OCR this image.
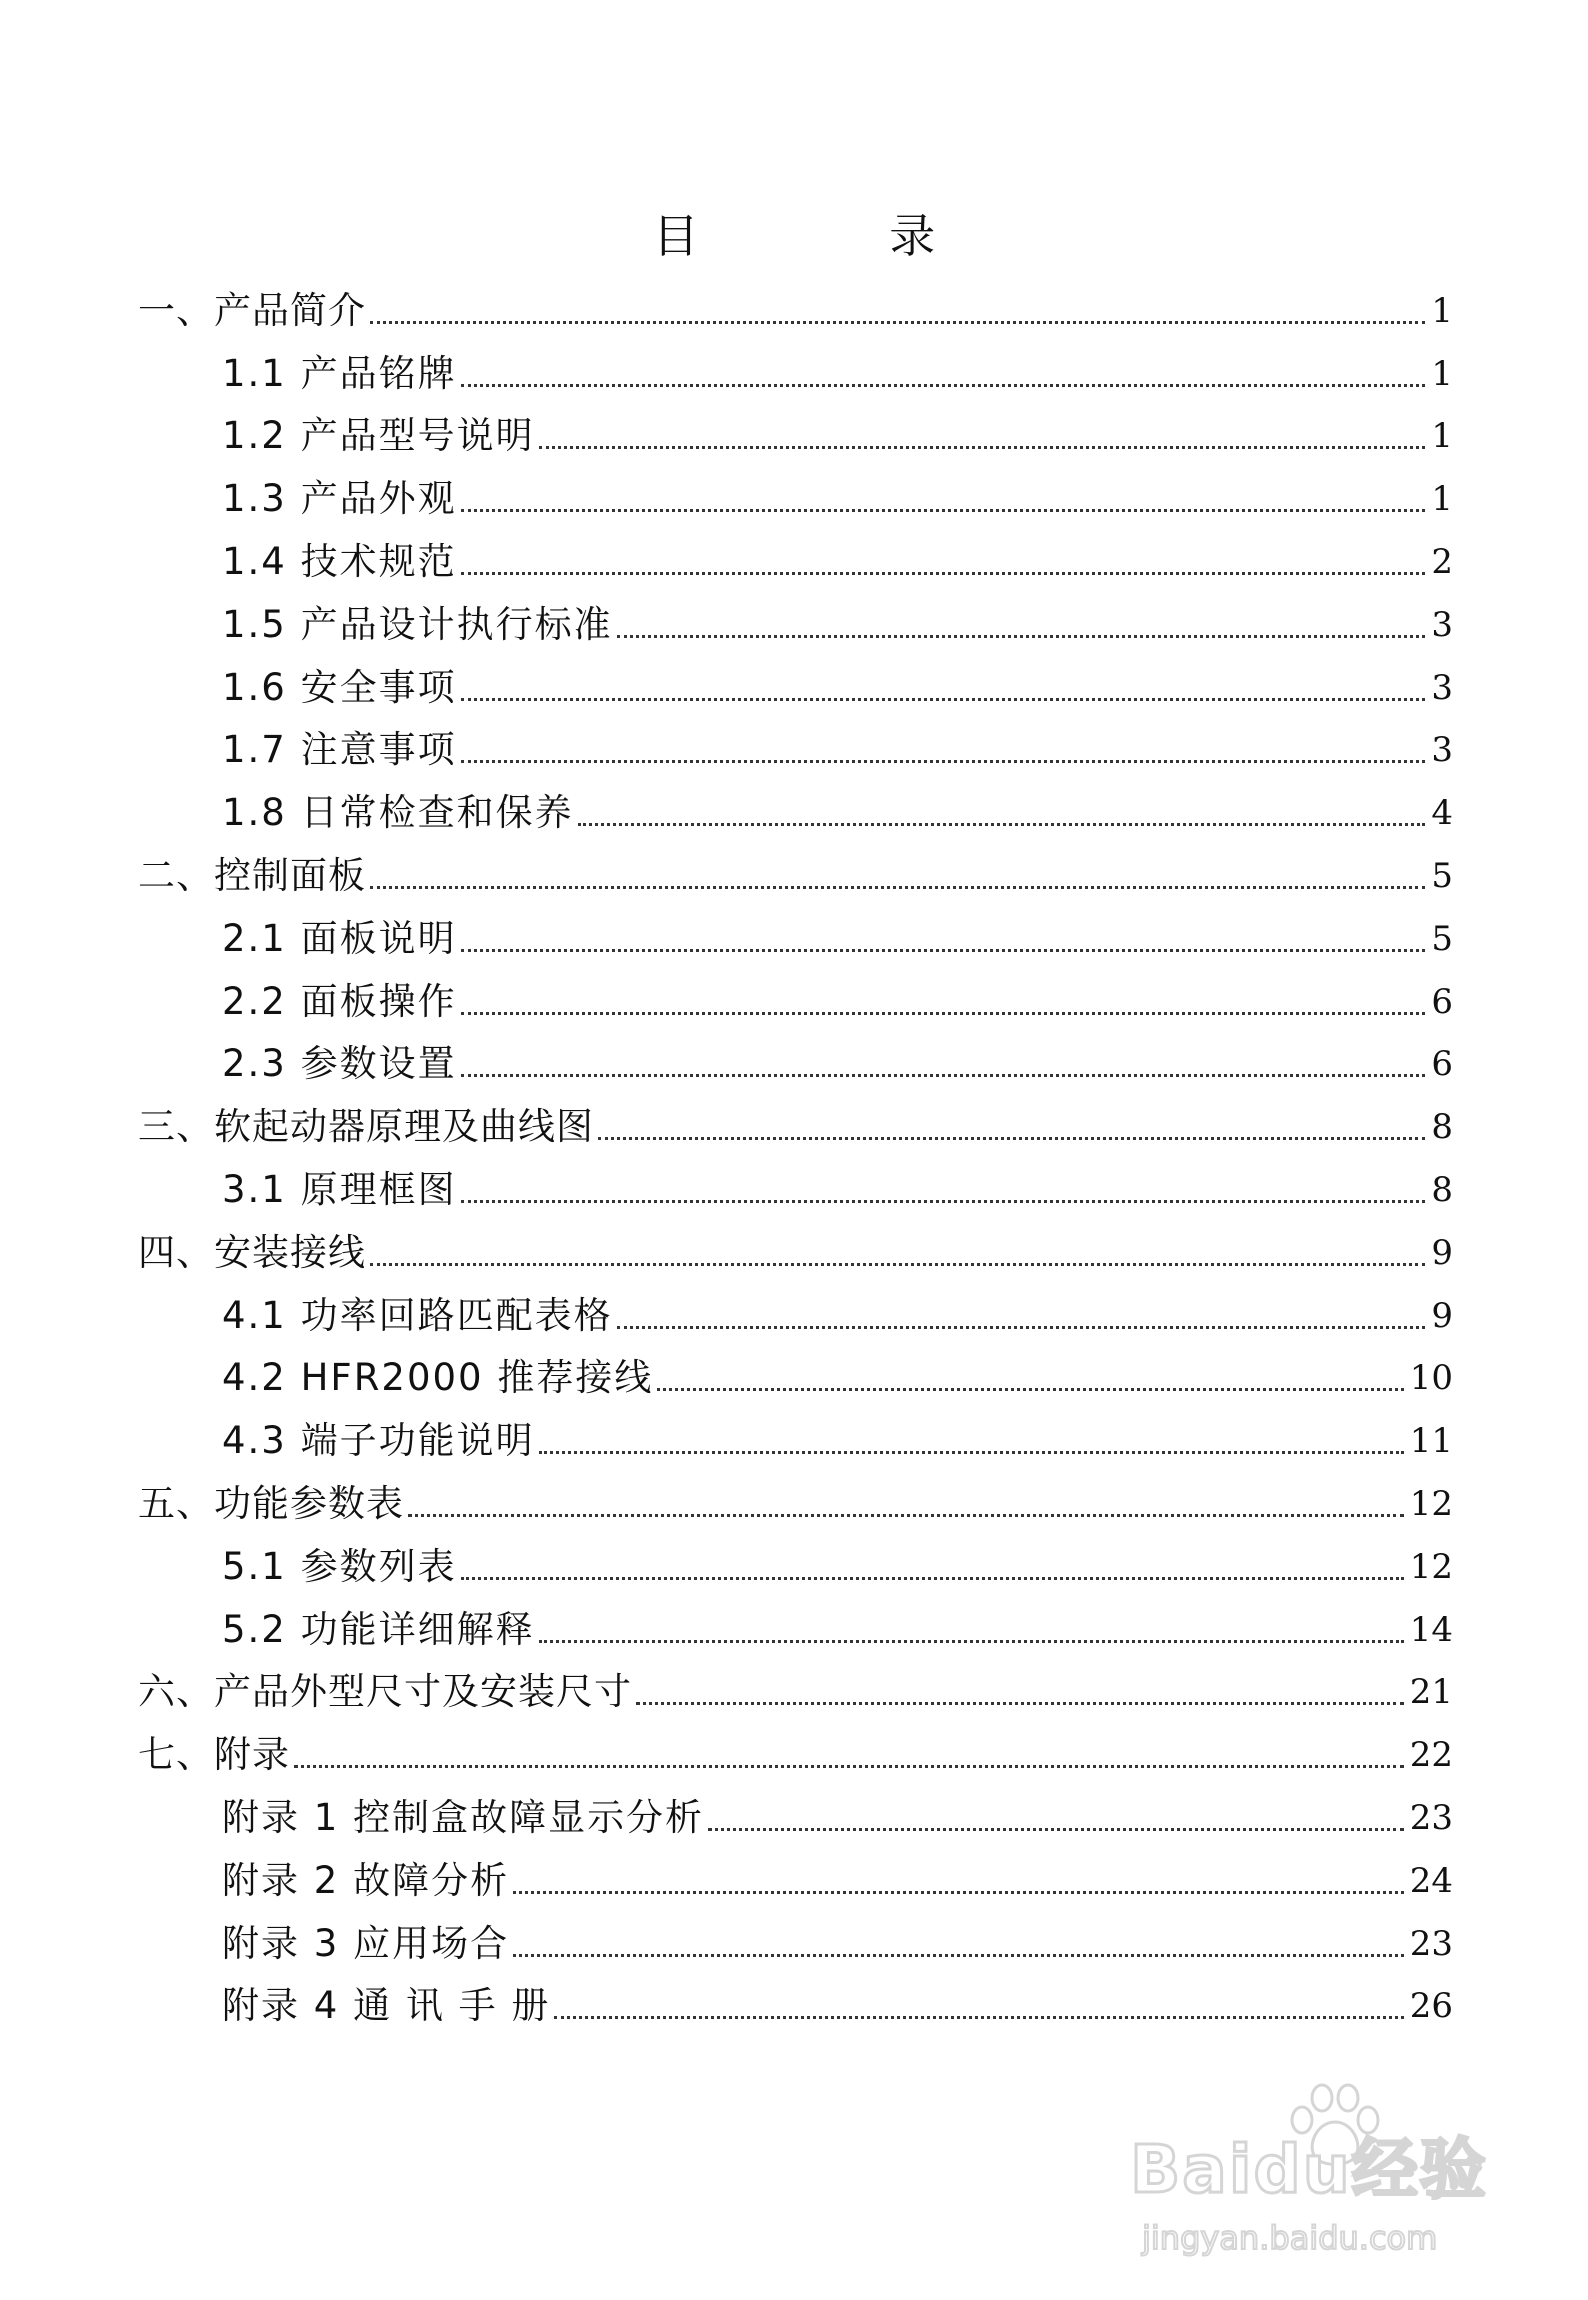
目 录
一、产品简介	1
1.1 产品铭牌	1
1.2 产品型号说明	1
1.3 产品外观	1
1.4 技术规范	2
1.5 产品设计执行标准	3
1.6 安全事项	3
1.7 注意事项	3
1.8 日常检查和保养	4
二、控制面板	5
2.1 面板说明	5
2.2 面板操作	6
2.3 参数设置	6
三、软起动器原理及曲线图	8
3.1 原理框图	8
四、安装接线	9
4.1 功率回路匹配表格	9
4.2 HFR2000 推荐接线	10
4.3 端子功能说明	11
五、功能参数表	12
5.1 参数列表	12
5.2 功能详细解释	14
六、产品外型尺寸及安装尺寸	21
七、附录	22
附录 1 控制盒故障显示分析	23
附录 2 故障分析	24
附录 3 应用场合	23
附录 4 通 讯 手 册	26
Baidu经验
jingyan.baidu.com
